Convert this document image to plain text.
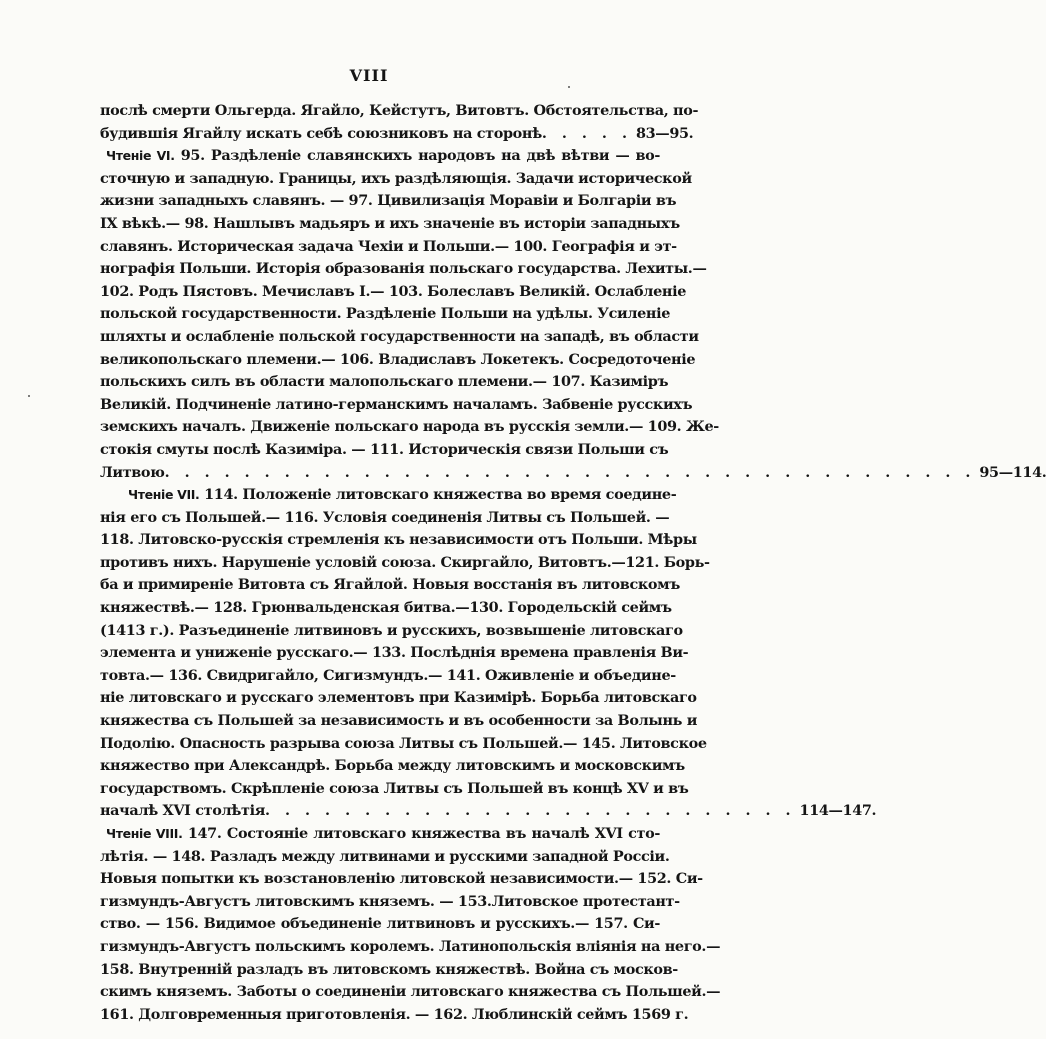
VIII
послѣ смерти Ольгерда. Ягайло, Кейстутъ, Витовтъ. Обстоятельства, по-
будившія Ягайлу искать себѣ союзниковъ на сторонѣ . . . . . 83—95.
Чтеніе VI. 95. Раздѣленіе славянскихъ народовъ на двѣ вѣтви — во-
сточную и западную. Границы, ихъ раздѣляющія. Задачи исторической
жизни западныхъ славянъ. — 97. Цивилизація Моравіи и Болгаріи въ
IX вѣкѣ.— 98. Нашлывъ мадьяръ и ихъ значеніе въ исторіи западныхъ
славянъ. Историческая задача Чехіи и Польши.— 100. Географія и эт-
нографія Польши. Исторія образованія польскаго государства. Лехиты.—
102. Родъ Пястовъ. Мечиславъ I.— 103. Болеславъ Великій. Ослабленіе
польской государственности. Раздѣленіе Польши на удѣлы. Усиленіе
шляхты и ослабленіе польской государственности на западѣ, въ области
великопольскаго племени.— 106. Владиславъ Локетекъ. Сосредоточеніе
польскихъ силъ въ области малопольскаго племени.— 107. Казиміръ
Великій. Подчиненіе латино-германскимъ началамъ. Забвеніе русскихъ
земскихъ началъ. Движеніе польскаго народа въ русскія земли.— 109. Же-
стокія смуты послѣ Казиміра. — 111. Историческія связи Польши съ
Литвою . . . . . . . . . . . . . . . . . . . . . . . . . . . . . . . . . . . . . . . . . 95—114.
Чтеніе VII. 114. Положеніе литовскаго княжества во время соедине-
нія его съ Польшей.— 116. Условія соединенія Литвы съ Польшей. —
118. Литовско-русскія стремленія къ независимости отъ Польши. Мѣры
противъ нихъ. Нарушеніе условій союза. Скиргайло, Витовтъ.—121. Борь-
ба и примиреніе Витовта съ Ягайлой. Новыя восстанія въ литовскомъ
княжествѣ.— 128. Грюнвальденская битва.—130. Городельскій сеймъ
(1413 г.). Разъединеніе литвиновъ и русскихъ, возвышеніе литовскаго
элемента и униженіе русскаго.— 133. Послѣднія времена правленія Ви-
товта.— 136. Свидригайло, Сигизмундъ.— 141. Оживленіе и объедине-
ніе литовскаго и русскаго элементовъ при Казимірѣ. Борьба литовскаго
княжества съ Польшей за независимость и въ особенности за Волынь и
Подолію. Опасность разрыва союза Литвы съ Польшей.— 145. Литовское
княжество при Александрѣ. Борьба между литовскимъ и московскимъ
государствомъ. Скрѣпленіе союза Литвы съ Польшей въ концѣ XV и въ
началѣ XVI столѣтія . . . . . . . . . . . . . . . . . . . . . . . . . . . 114—147.
Чтеніе VIII. 147. Состояніе литовскаго княжества въ началѣ XVI сто-
лѣтія. — 148. Разладъ между литвинами и русскими западной Россіи.
Новыя попытки къ возстановленію литовской независимости.— 152. Си-
гизмундъ-Августъ литовскимъ княземъ. — 153.Литовское протестант-
ство. — 156. Видимое объединеніе литвиновъ и русскихъ.— 157. Си-
гизмундъ-Августъ польскимъ королемъ. Латинопольскія вліянія на него.—
158. Внутренній разладъ въ литовскомъ княжествѣ. Война съ москов-
скимъ княземъ. Заботы о соединеніи литовскаго княжества съ Польшей.—
161. Долговременныя приготовленія. — 162. Люблинскій сеймъ 1569 г.
